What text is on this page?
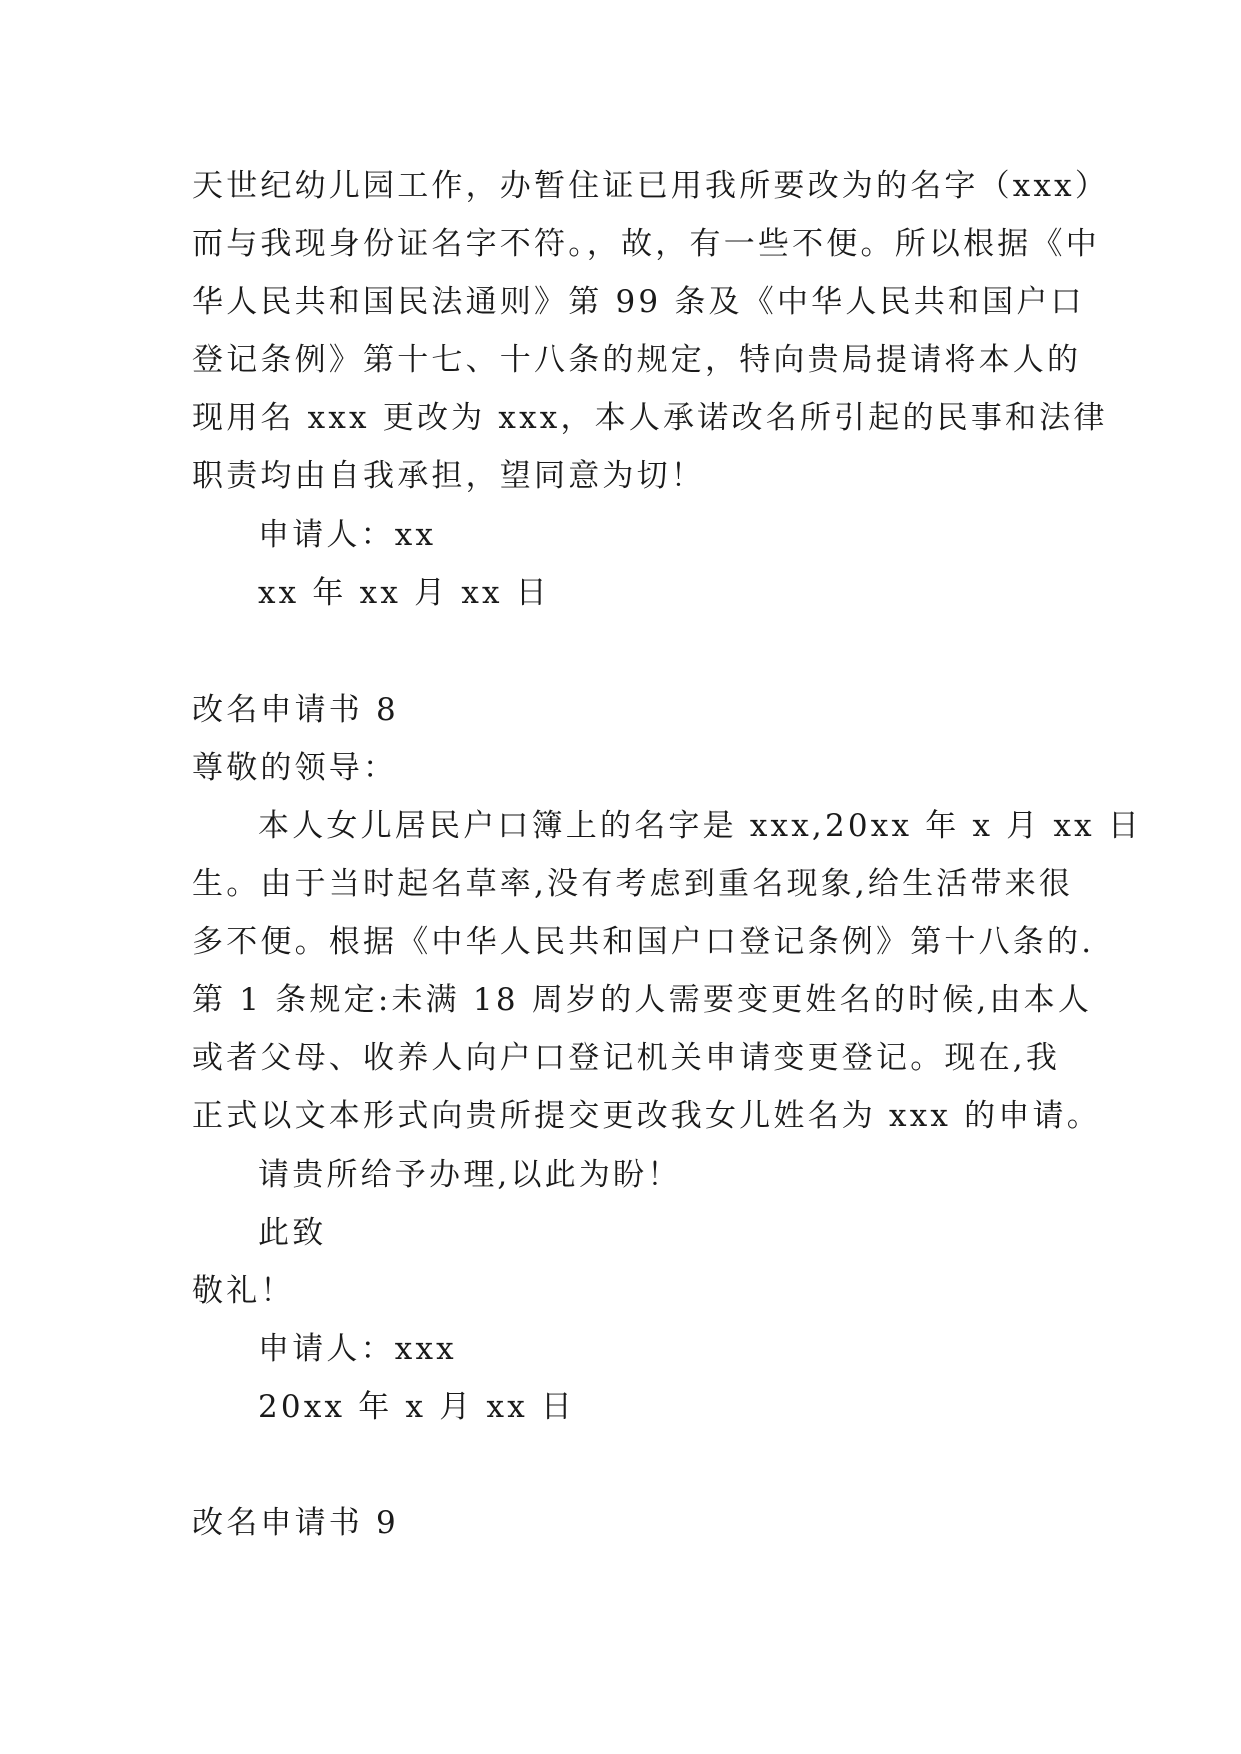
天世纪幼儿园工作，办暂住证已用我所要改为的名字（xxx）
而与我现身份证名字不符。，故，有一些不便。所以根据《中
华人民共和国民法通则》第 99 条及《中华人民共和国户口
登记条例》第十七、十八条的规定，特向贵局提请将本人的
现用名 xxx 更改为 xxx，本人承诺改名所引起的民事和法律
职责均由自我承担，望同意为切！
申请人：xx
xx 年 xx 月 xx 日
改名申请书 8
尊敬的领导：
本人女儿居民户口簿上的名字是 xxx,20xx 年 x 月 xx 日
生。由于当时起名草率,没有考虑到重名现象,给生活带来很
多不便。根据《中华人民共和国户口登记条例》第十八条的.
第 1 条规定:未满 18 周岁的人需要变更姓名的时候,由本人
或者父母、收养人向户口登记机关申请变更登记。现在,我
正式以文本形式向贵所提交更改我女儿姓名为 xxx 的申请。
请贵所给予办理,以此为盼！
此致
敬礼！
申请人：xxx
20xx 年 x 月 xx 日
改名申请书 9
